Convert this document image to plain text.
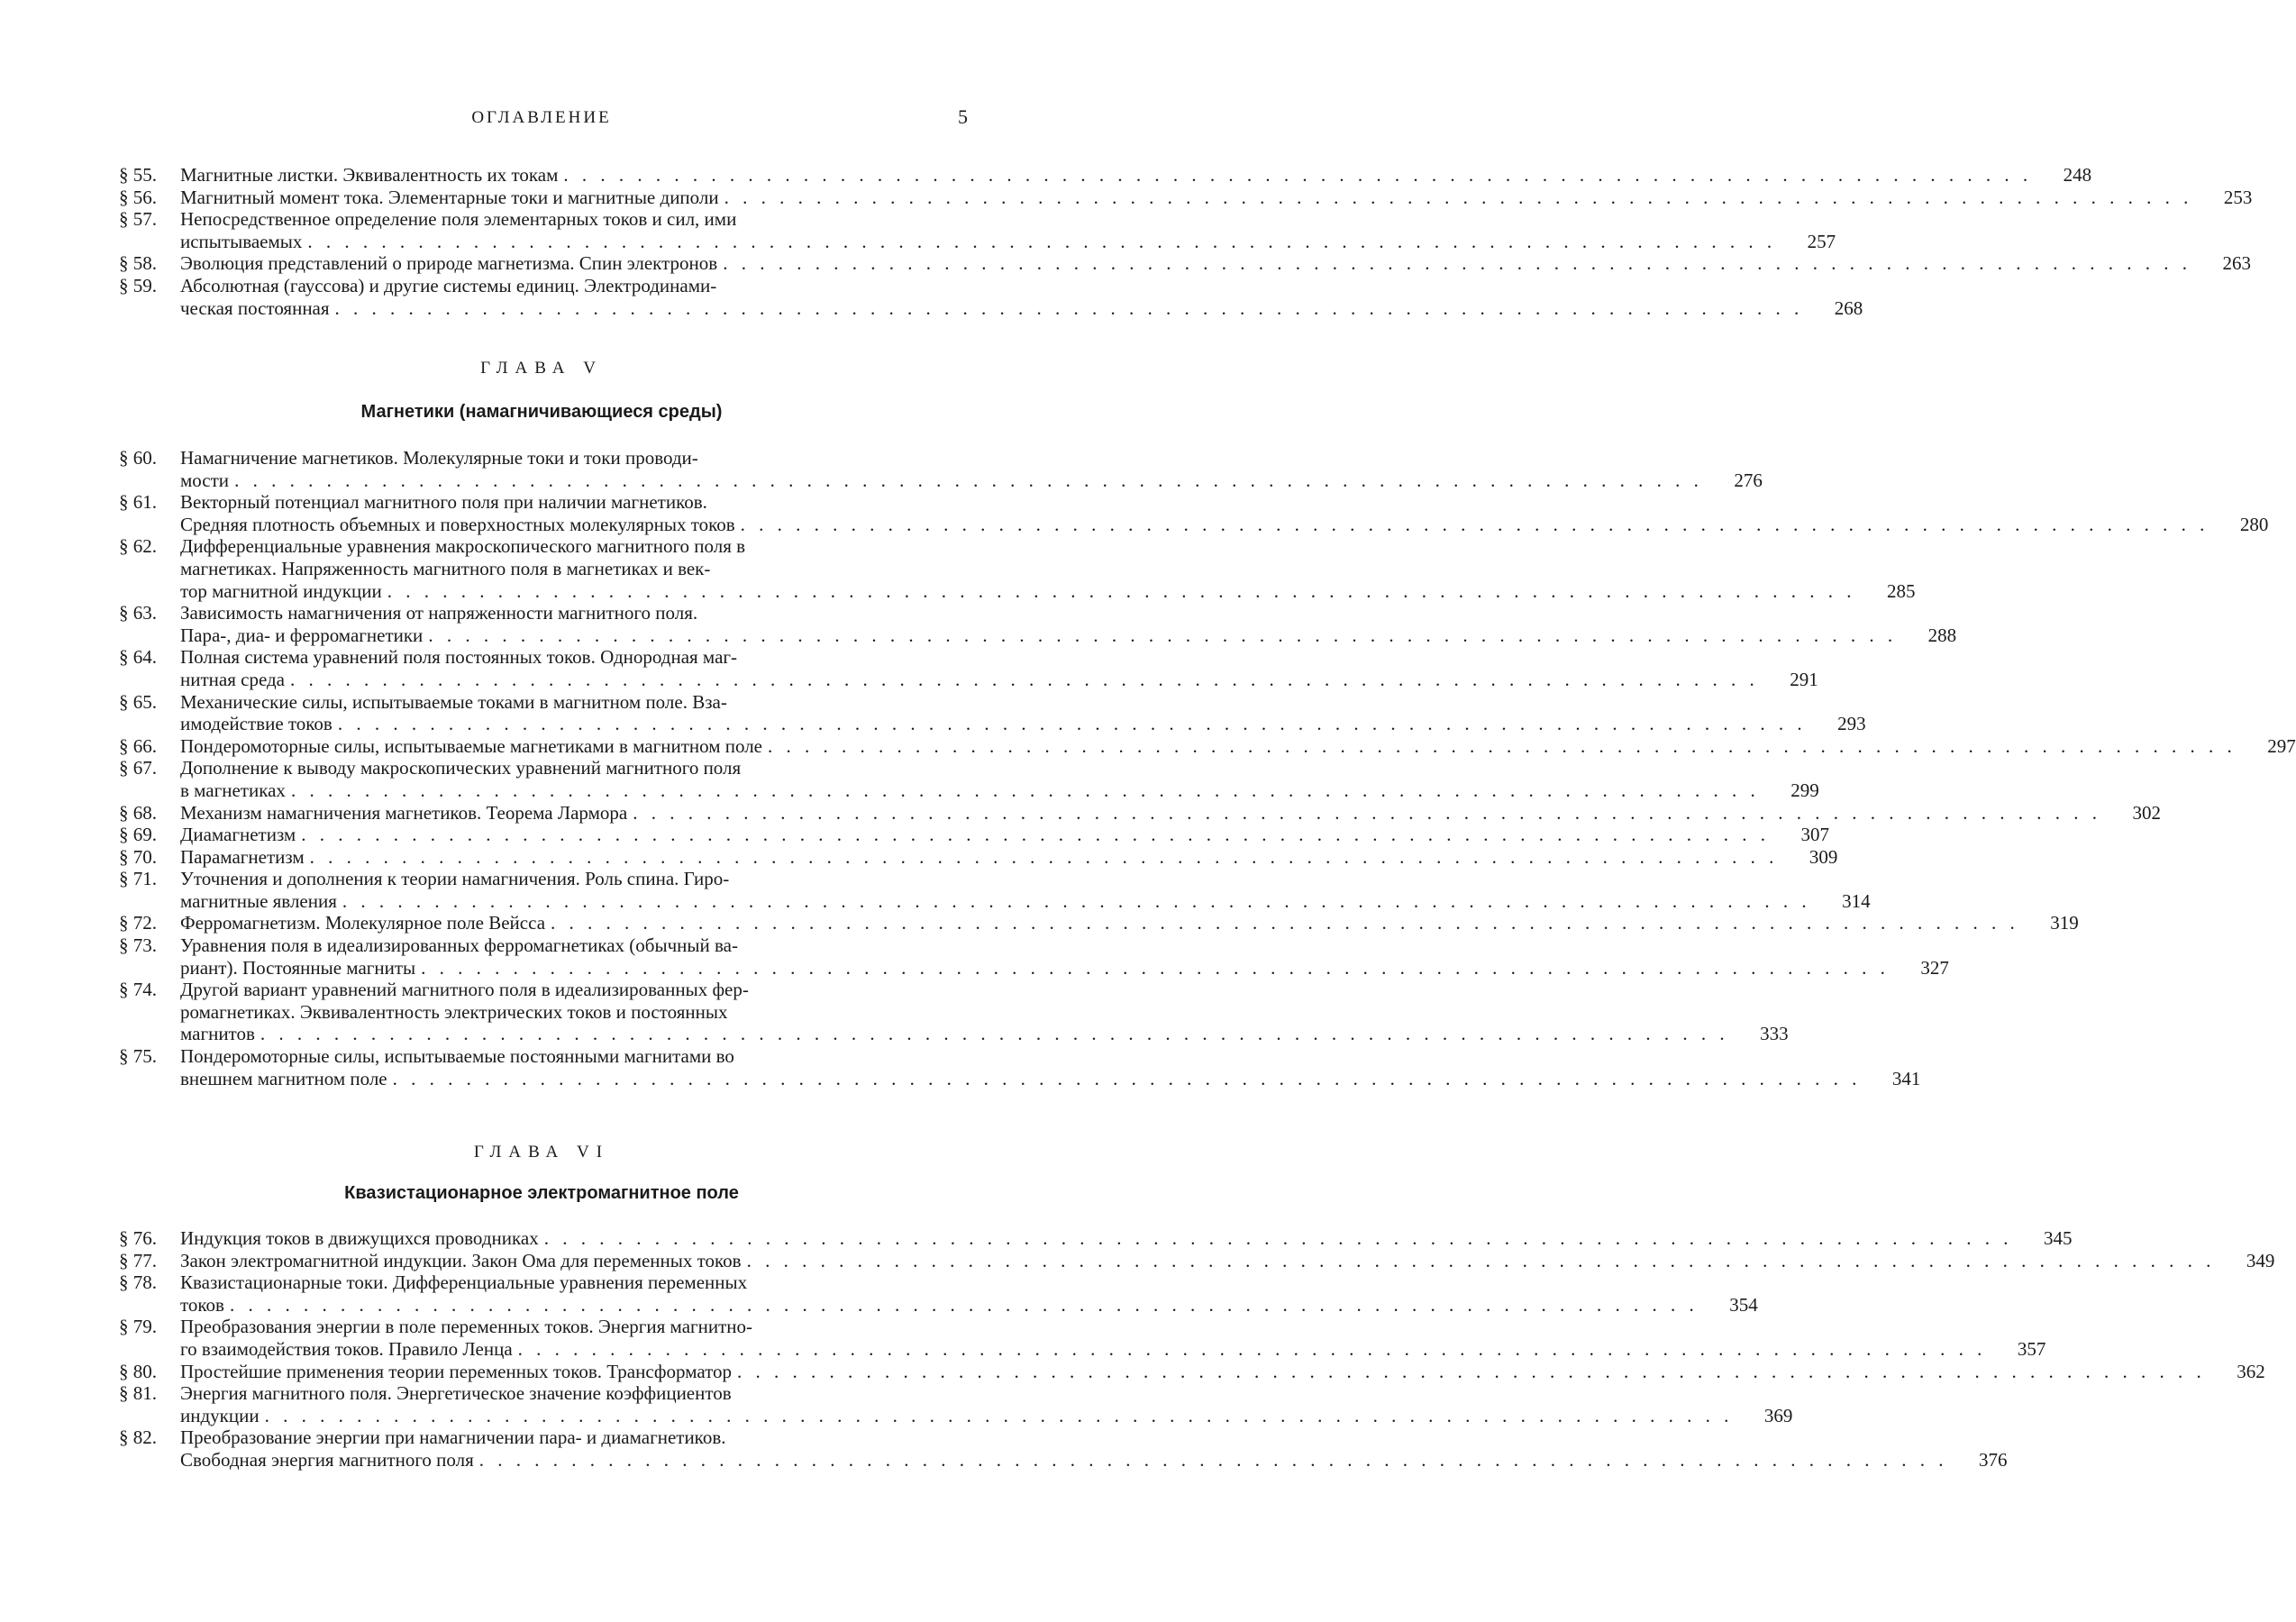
ОГЛАВЛЕНИЕ	5
§ 55.	Магнитные листки. Эквивалентность их токам . . . . . . . . . . . . . . . . . . . . . . . . . . . . . . . . . . . . . . . . . . . . . . . . . . . . . . . . . . . . . . . . . . . . . . . . . . . . . . . .	248
§ 56.	Магнитный момент тока. Элементарные токи и магнитные диполи . . . . . . . . . . . . . . . . . . . . . . . . . . . . . . . . . . . . . . . . . . . . . . . . . . . . . . . . . . . . . . . . . . . . . . . . . . . . . . . .	253
§ 57.	Непосредственное определение поля элементарных токов и сил, ими
испытываемых . . . . . . . . . . . . . . . . . . . . . . . . . . . . . . . . . . . . . . . . . . . . . . . . . . . . . . . . . . . . . . . . . . . . . . . . . . . . . . . .	257
§ 58.	Эволюция представлений о природе магнетизма. Спин электронов . . . . . . . . . . . . . . . . . . . . . . . . . . . . . . . . . . . . . . . . . . . . . . . . . . . . . . . . . . . . . . . . . . . . . . . . . . . . . . . .	263
§ 59.	Абсолютная (гауссова) и другие системы единиц. Электродинами-
ческая постоянная . . . . . . . . . . . . . . . . . . . . . . . . . . . . . . . . . . . . . . . . . . . . . . . . . . . . . . . . . . . . . . . . . . . . . . . . . . . . . . . .	268
ГЛАВА V
Магнетики (намагничивающиеся среды)
§ 60.	Намагничение магнетиков. Молекулярные токи и токи проводи-
мости . . . . . . . . . . . . . . . . . . . . . . . . . . . . . . . . . . . . . . . . . . . . . . . . . . . . . . . . . . . . . . . . . . . . . . . . . . . . . . . .	276
§ 61.	Векторный потенциал магнитного поля при наличии магнетиков.
Средняя плотность объемных и поверхностных молекулярных токов . . . . . . . . . . . . . . . . . . . . . . . . . . . . . . . . . . . . . . . . . . . . . . . . . . . . . . . . . . . . . . . . . . . . . . . . . . . . . . . .	280
§ 62.	Дифференциальные уравнения макроскопического магнитного поля в
магнетиках. Напряженность магнитного поля в магнетиках и век-
тор магнитной индукции . . . . . . . . . . . . . . . . . . . . . . . . . . . . . . . . . . . . . . . . . . . . . . . . . . . . . . . . . . . . . . . . . . . . . . . . . . . . . . . .	285
§ 63.	Зависимость намагничения от напряженности магнитного поля.
Пара-, диа- и ферромагнетики . . . . . . . . . . . . . . . . . . . . . . . . . . . . . . . . . . . . . . . . . . . . . . . . . . . . . . . . . . . . . . . . . . . . . . . . . . . . . . . .	288
§ 64.	Полная система уравнений поля постоянных токов. Однородная маг-
нитная среда . . . . . . . . . . . . . . . . . . . . . . . . . . . . . . . . . . . . . . . . . . . . . . . . . . . . . . . . . . . . . . . . . . . . . . . . . . . . . . . .	291
§ 65.	Механические силы, испытываемые токами в магнитном поле. Вза-
имодействие токов . . . . . . . . . . . . . . . . . . . . . . . . . . . . . . . . . . . . . . . . . . . . . . . . . . . . . . . . . . . . . . . . . . . . . . . . . . . . . . . .	293
§ 66.	Пондеромоторные силы, испытываемые магнетиками в магнитном поле . . . . . . . . . . . . . . . . . . . . . . . . . . . . . . . . . . . . . . . . . . . . . . . . . . . . . . . . . . . . . . . . . . . . . . . . . . . . . . . .	297
§ 67.	Дополнение к выводу макроскопических уравнений магнитного поля
в магнетиках . . . . . . . . . . . . . . . . . . . . . . . . . . . . . . . . . . . . . . . . . . . . . . . . . . . . . . . . . . . . . . . . . . . . . . . . . . . . . . . .	299
§ 68.	Механизм намагничения магнетиков. Теорема Лармора . . . . . . . . . . . . . . . . . . . . . . . . . . . . . . . . . . . . . . . . . . . . . . . . . . . . . . . . . . . . . . . . . . . . . . . . . . . . . . . .	302
§ 69.	Диамагнетизм . . . . . . . . . . . . . . . . . . . . . . . . . . . . . . . . . . . . . . . . . . . . . . . . . . . . . . . . . . . . . . . . . . . . . . . . . . . . . . . .	307
§ 70.	Парамагнетизм . . . . . . . . . . . . . . . . . . . . . . . . . . . . . . . . . . . . . . . . . . . . . . . . . . . . . . . . . . . . . . . . . . . . . . . . . . . . . . . .	309
§ 71.	Уточнения и дополнения к теории намагничения. Роль спина. Гиро-
магнитные явления . . . . . . . . . . . . . . . . . . . . . . . . . . . . . . . . . . . . . . . . . . . . . . . . . . . . . . . . . . . . . . . . . . . . . . . . . . . . . . . .	314
§ 72.	Ферромагнетизм. Молекулярное поле Вейсса . . . . . . . . . . . . . . . . . . . . . . . . . . . . . . . . . . . . . . . . . . . . . . . . . . . . . . . . . . . . . . . . . . . . . . . . . . . . . . . .	319
§ 73.	Уравнения поля в идеализированных ферромагнетиках (обычный ва-
риант). Постоянные магниты . . . . . . . . . . . . . . . . . . . . . . . . . . . . . . . . . . . . . . . . . . . . . . . . . . . . . . . . . . . . . . . . . . . . . . . . . . . . . . . .	327
§ 74.	Другой вариант уравнений магнитного поля в идеализированных фер-
ромагнетиках. Эквивалентность электрических токов и постоянных
магнитов . . . . . . . . . . . . . . . . . . . . . . . . . . . . . . . . . . . . . . . . . . . . . . . . . . . . . . . . . . . . . . . . . . . . . . . . . . . . . . . .	333
§ 75.	Пондеромоторные силы, испытываемые постоянными магнитами во
внешнем магнитном поле . . . . . . . . . . . . . . . . . . . . . . . . . . . . . . . . . . . . . . . . . . . . . . . . . . . . . . . . . . . . . . . . . . . . . . . . . . . . . . . .	341
ГЛАВА VI
Квазистационарное электромагнитное поле
§ 76.	Индукция токов в движущихся проводниках . . . . . . . . . . . . . . . . . . . . . . . . . . . . . . . . . . . . . . . . . . . . . . . . . . . . . . . . . . . . . . . . . . . . . . . . . . . . . . . .	345
§ 77.	Закон электромагнитной индукции. Закон Ома для переменных токов . . . . . . . . . . . . . . . . . . . . . . . . . . . . . . . . . . . . . . . . . . . . . . . . . . . . . . . . . . . . . . . . . . . . . . . . . . . . . . . .	349
§ 78.	Квазистационарные токи. Дифференциальные уравнения переменных
токов . . . . . . . . . . . . . . . . . . . . . . . . . . . . . . . . . . . . . . . . . . . . . . . . . . . . . . . . . . . . . . . . . . . . . . . . . . . . . . . .	354
§ 79.	Преобразования энергии в поле переменных токов. Энергия магнитно-
го взаимодействия токов. Правило Ленца . . . . . . . . . . . . . . . . . . . . . . . . . . . . . . . . . . . . . . . . . . . . . . . . . . . . . . . . . . . . . . . . . . . . . . . . . . . . . . . .	357
§ 80.	Простейшие применения теории переменных токов. Трансформатор . . . . . . . . . . . . . . . . . . . . . . . . . . . . . . . . . . . . . . . . . . . . . . . . . . . . . . . . . . . . . . . . . . . . . . . . . . . . . . . .	362
§ 81.	Энергия магнитного поля. Энергетическое значение коэффициентов
индукции . . . . . . . . . . . . . . . . . . . . . . . . . . . . . . . . . . . . . . . . . . . . . . . . . . . . . . . . . . . . . . . . . . . . . . . . . . . . . . . .	369
§ 82.	Преобразование энергии при намагничении пара- и диамагнетиков.
Свободная энергия магнитного поля . . . . . . . . . . . . . . . . . . . . . . . . . . . . . . . . . . . . . . . . . . . . . . . . . . . . . . . . . . . . . . . . . . . . . . . . . . . . . . . .	376
